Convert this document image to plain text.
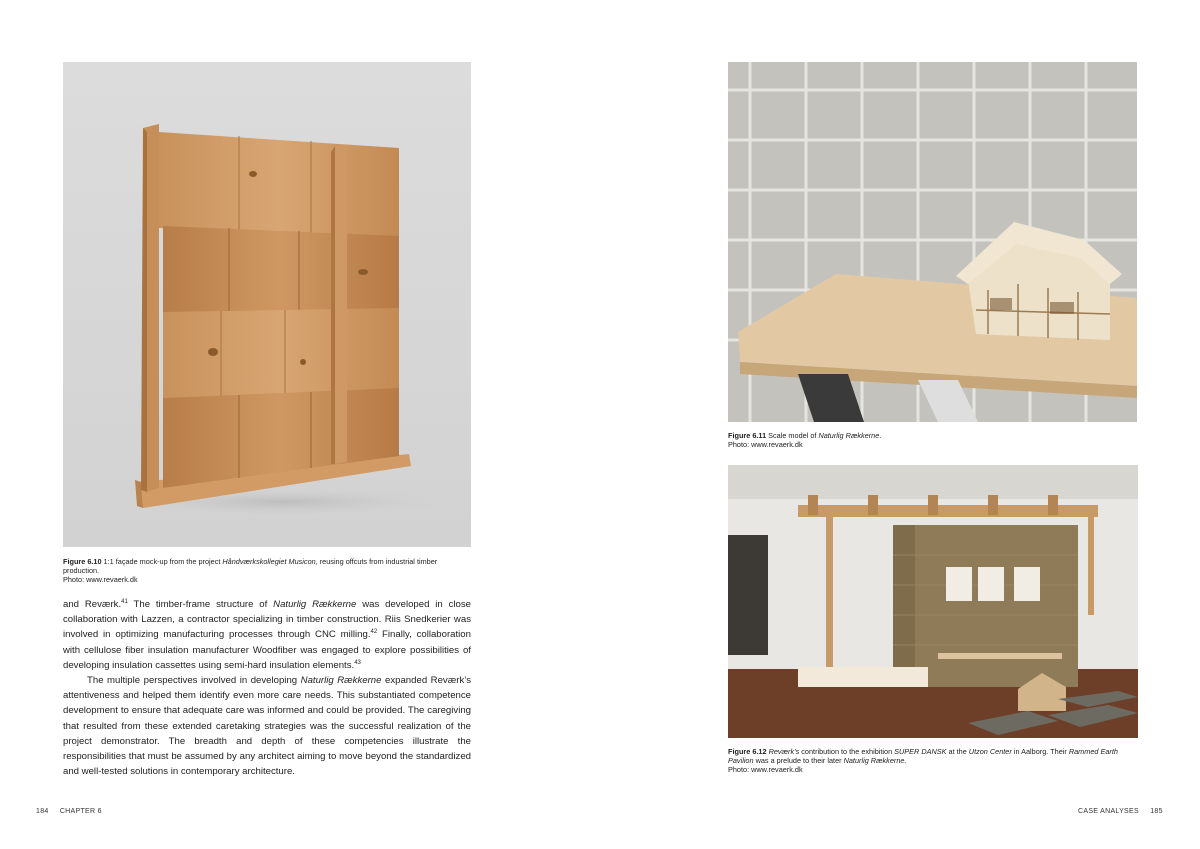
Figure 6.10 1:1 façade mock-up from the project Håndværkskollegiet Musicon, reusing offcuts from industrial timber production.
Photo: www.revaerk.dk

and Reværk.$^{41}$ The timber-frame structure of Naturlig Rækkerne was developed in close collaboration with Lazzen, a contractor specializing in timber construction. Riis Snedkerier was involved in optimizing manufacturing processes through CNC milling.$^{42}$ Finally, collaboration with cellulose fiber insulation manufacturer Woodfiber was engaged to explore possibilities of developing insulation cassettes using semi-hard insulation elements.$^{43}$

The multiple perspectives involved in developing Naturlig Rækkerne expanded Reværk’s attentiveness and helped them identify even more care needs. This substantiated competence development to ensure that adequate care was informed and could be provided. The caregiving that resulted from these extended caretaking strategies was the successful realization of the project demonstrator. The breadth and depth of these competencies illustrate the responsibilities that must be assumed by any architect aiming to move beyond the standardized and well-tested solutions in contemporary architecture.

184 CHAPTER 6
Figure 6.11 Scale model of Naturlig Rækkerne.
Photo: www.revaerk.dk
Figure 6.12 Reværk’s contribution to the exhibition SUPER DANSK at the Utzon Center in Aalborg. Their Rammed Earth Pavilion was a prelude to their later Naturlig Rækkerne.
Photo: www.revaerk.dk
CASE ANALYSES 185
